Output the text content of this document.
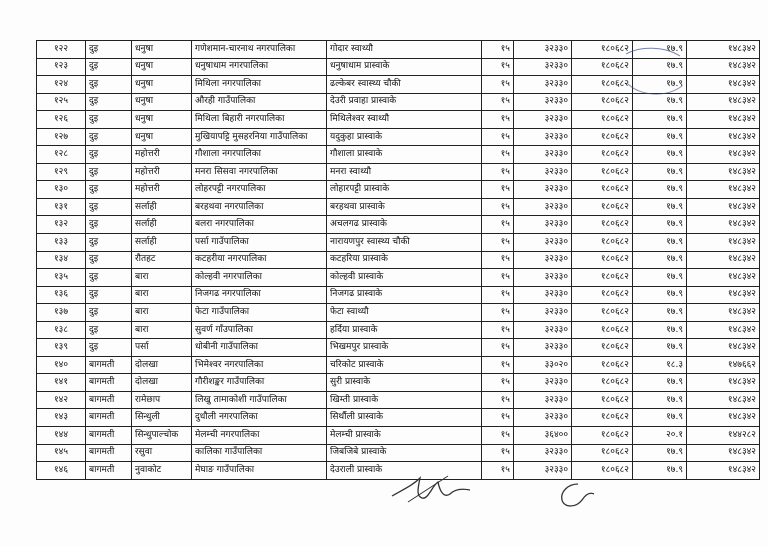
१२२	दुइ	धनुषा	गणेशमान-चारनाथ नगरपालिका	गोदार स्वाथ्यौ	१५	३२३३०	१८०६८२	१७.९	१४८३४२
१२३	दुइ	धनुषा	धनुषाधाम नगरपालिका	धनुषाधाम प्रास्वाके	१५	३२३३०	१८०६८२	१७.९	१४८३४२
१२४	दुइ	धनुषा	मिथिला नगरपालिका	ढल्केबर स्वास्थ्य चौकी	१५	३२३३०	१८०६८२	१७.९	१४८३४२
१२५	दुइ	धनुषा	औरही गाउँपालिका	देउरी प्रवाहा प्रास्वाके	१५	३२३३०	१८०६८२	१७.९	१४८३४२
१२६	दुइ	धनुषा	मिथिला बिहारी नगरपालिका	मिथिलेश्वर स्वाथ्यौ	१५	३२३३०	१८०६८२	१७.९	१४८३४२
१२७	दुइ	धनुषा	मुखियापट्टि मुसहरनिया गाउँपालिका	यदुकुहा प्रास्वाके	१५	३२३३०	१८०६८२	१७.९	१४८३४२
१२८	दुइ	महोत्तरी	गौशाला नगरपालिका	गौशाला प्रास्वाके	१५	३२३३०	१८०६८२	१७.९	१४८३४२
१२९	दुइ	महोत्तरी	मनरा सिसवा नगरपालिका	मनरा स्वाथ्यौ	१५	३२३३०	१८०६८२	१७.९	१४८३४२
१३०	दुइ	महोत्तरी	लोहरपट्टी नगरपालिका	लोहारपट्टी प्रास्वाके	१५	३२३३०	१८०६८२	१७.९	१४८३४२
१३१	दुइ	सर्लाही	बरहथवा नगरपालिका	बरहथवा प्रास्वाके	१५	३२३३०	१८०६८२	१७.९	१४८३४२
१३२	दुइ	सर्लाही	बलरा नगरपालिका	अचलगढ प्रास्वाके	१५	३२३३०	१८०६८२	१७.९	१४८३४२
१३३	दुइ	सर्लाही	पर्सा गाउँपालिका	नारायणपुर स्वास्थ्य चौकी	१५	३२३३०	१८०६८२	१७.९	१४८३४२
१३४	दुइ	रौतहट	कटहरीया नगरपालिका	कटहरिया प्रास्वाके	१५	३२३३०	१८०६८२	१७.९	१४८३४२
१३५	दुइ	बारा	कोल्हवी नगरपालिका	कोल्हवी प्रास्वाके	१५	३२३३०	१८०६८२	१७.९	१४८३४२
१३६	दुइ	बारा	निजगढ नगरपालिका	निजगढ प्रास्वाके	१५	३२३३०	१८०६८२	१७.९	१४८३४२
१३७	दुइ	बारा	फेटा गाउँपालिका	फेटा स्वाथ्यौ	१५	३२३३०	१८०६८२	१७.९	१४८३४२
१३८	दुइ	बारा	सुवर्ण गाँउपालिका	हर्दिया प्रास्वाके	१५	३२३३०	१८०६८२	१७.९	१४८३४२
१३९	दुइ	पर्सा	धोबीनी गाउँपालिका	भिखमपुर प्रास्वाके	१५	३२३३०	१८०६८२	१७.९	१४८३४२
१४०	बागमती	दोलखा	भिमेश्वर नगरपालिका	चरिकोट प्रास्वाके	१५	३३०२०	१८०६८२	१८.३	१४७६६२
१४१	बागमती	दोलखा	गौरीशङ्कर गाउँपालिका	सुरी प्रास्वाके	१५	३२३३०	१८०६८२	१७.९	१४८३४२
१४२	बागमती	रामेछाप	लिखु तामाकोशी गाउँपालिका	खिम्ती प्रास्वाके	१५	३२३३०	१८०६८२	१७.९	१४८३४२
१४३	बागमती	सिन्धुली	दुधौली नगरपालिका	सिर्थौली प्रास्वाके	१५	३२३३०	१८०६८२	१७.९	१४८३४२
१४४	बागमती	सिन्धुपाल्चोक	मेलम्ची नगरपालिका	मेलम्ची प्रास्वाके	१५	३६४००	१८०६८२	२०.१	१४४२८२
१४५	बागमती	रसुवा	कालिका गाउँपालिका	जिबजिबे प्रास्वाके	१५	३२३३०	१८०६८२	१७.९	१४८३४२
१४६	बागमती	नुवाकोट	मेघाङ गाउँपालिका	देउराली प्रास्वाके	१५	३२३३०	१८०६८२	१७.९	१४८३४२
